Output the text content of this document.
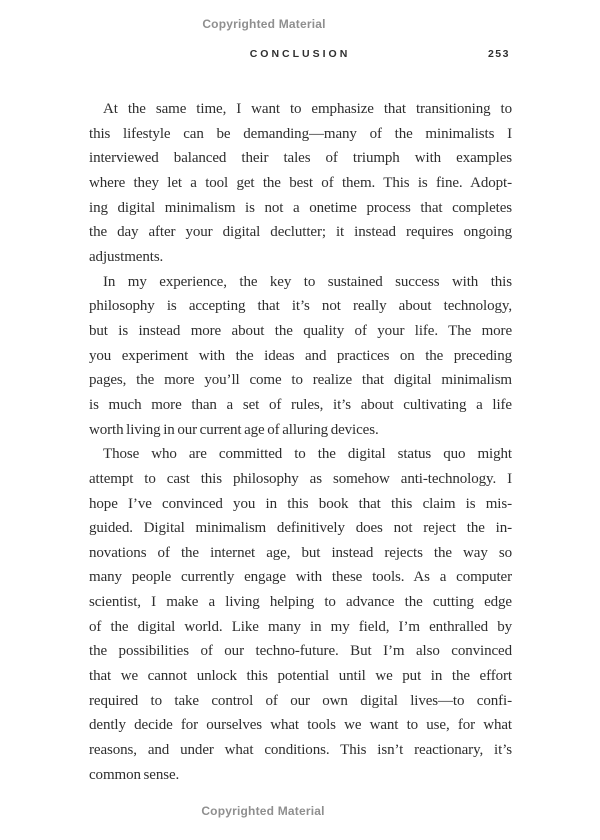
Copyrighted Material
CONCLUSION	253
At the same time, I want to emphasize that transitioning to
this lifestyle can be demanding—many of the minimalists I
interviewed balanced their tales of triumph with examples
where they let a tool get the best of them. This is fine. Adopt-
ing digital minimalism is not a onetime process that completes
the day after your digital declutter; it instead requires ongoing
adjustments.
In my experience, the key to sustained success with this
philosophy is accepting that it’s not really about technology,
but is instead more about the quality of your life. The more
you experiment with the ideas and practices on the preceding
pages, the more you’ll come to realize that digital minimalism
is much more than a set of rules, it’s about cultivating a life
worth living in our current age of alluring devices.
Those who are committed to the digital status quo might
attempt to cast this philosophy as somehow anti-technology. I
hope I’ve convinced you in this book that this claim is mis-
guided. Digital minimalism definitively does not reject the in-
novations of the internet age, but instead rejects the way so
many people currently engage with these tools. As a computer
scientist, I make a living helping to advance the cutting edge
of the digital world. Like many in my field, I’m enthralled by
the possibilities of our techno-future. But I’m also convinced
that we cannot unlock this potential until we put in the effort
required to take control of our own digital lives—to confi-
dently decide for ourselves what tools we want to use, for what
reasons, and under what conditions. This isn’t reactionary, it’s
common sense.
Copyrighted Material
